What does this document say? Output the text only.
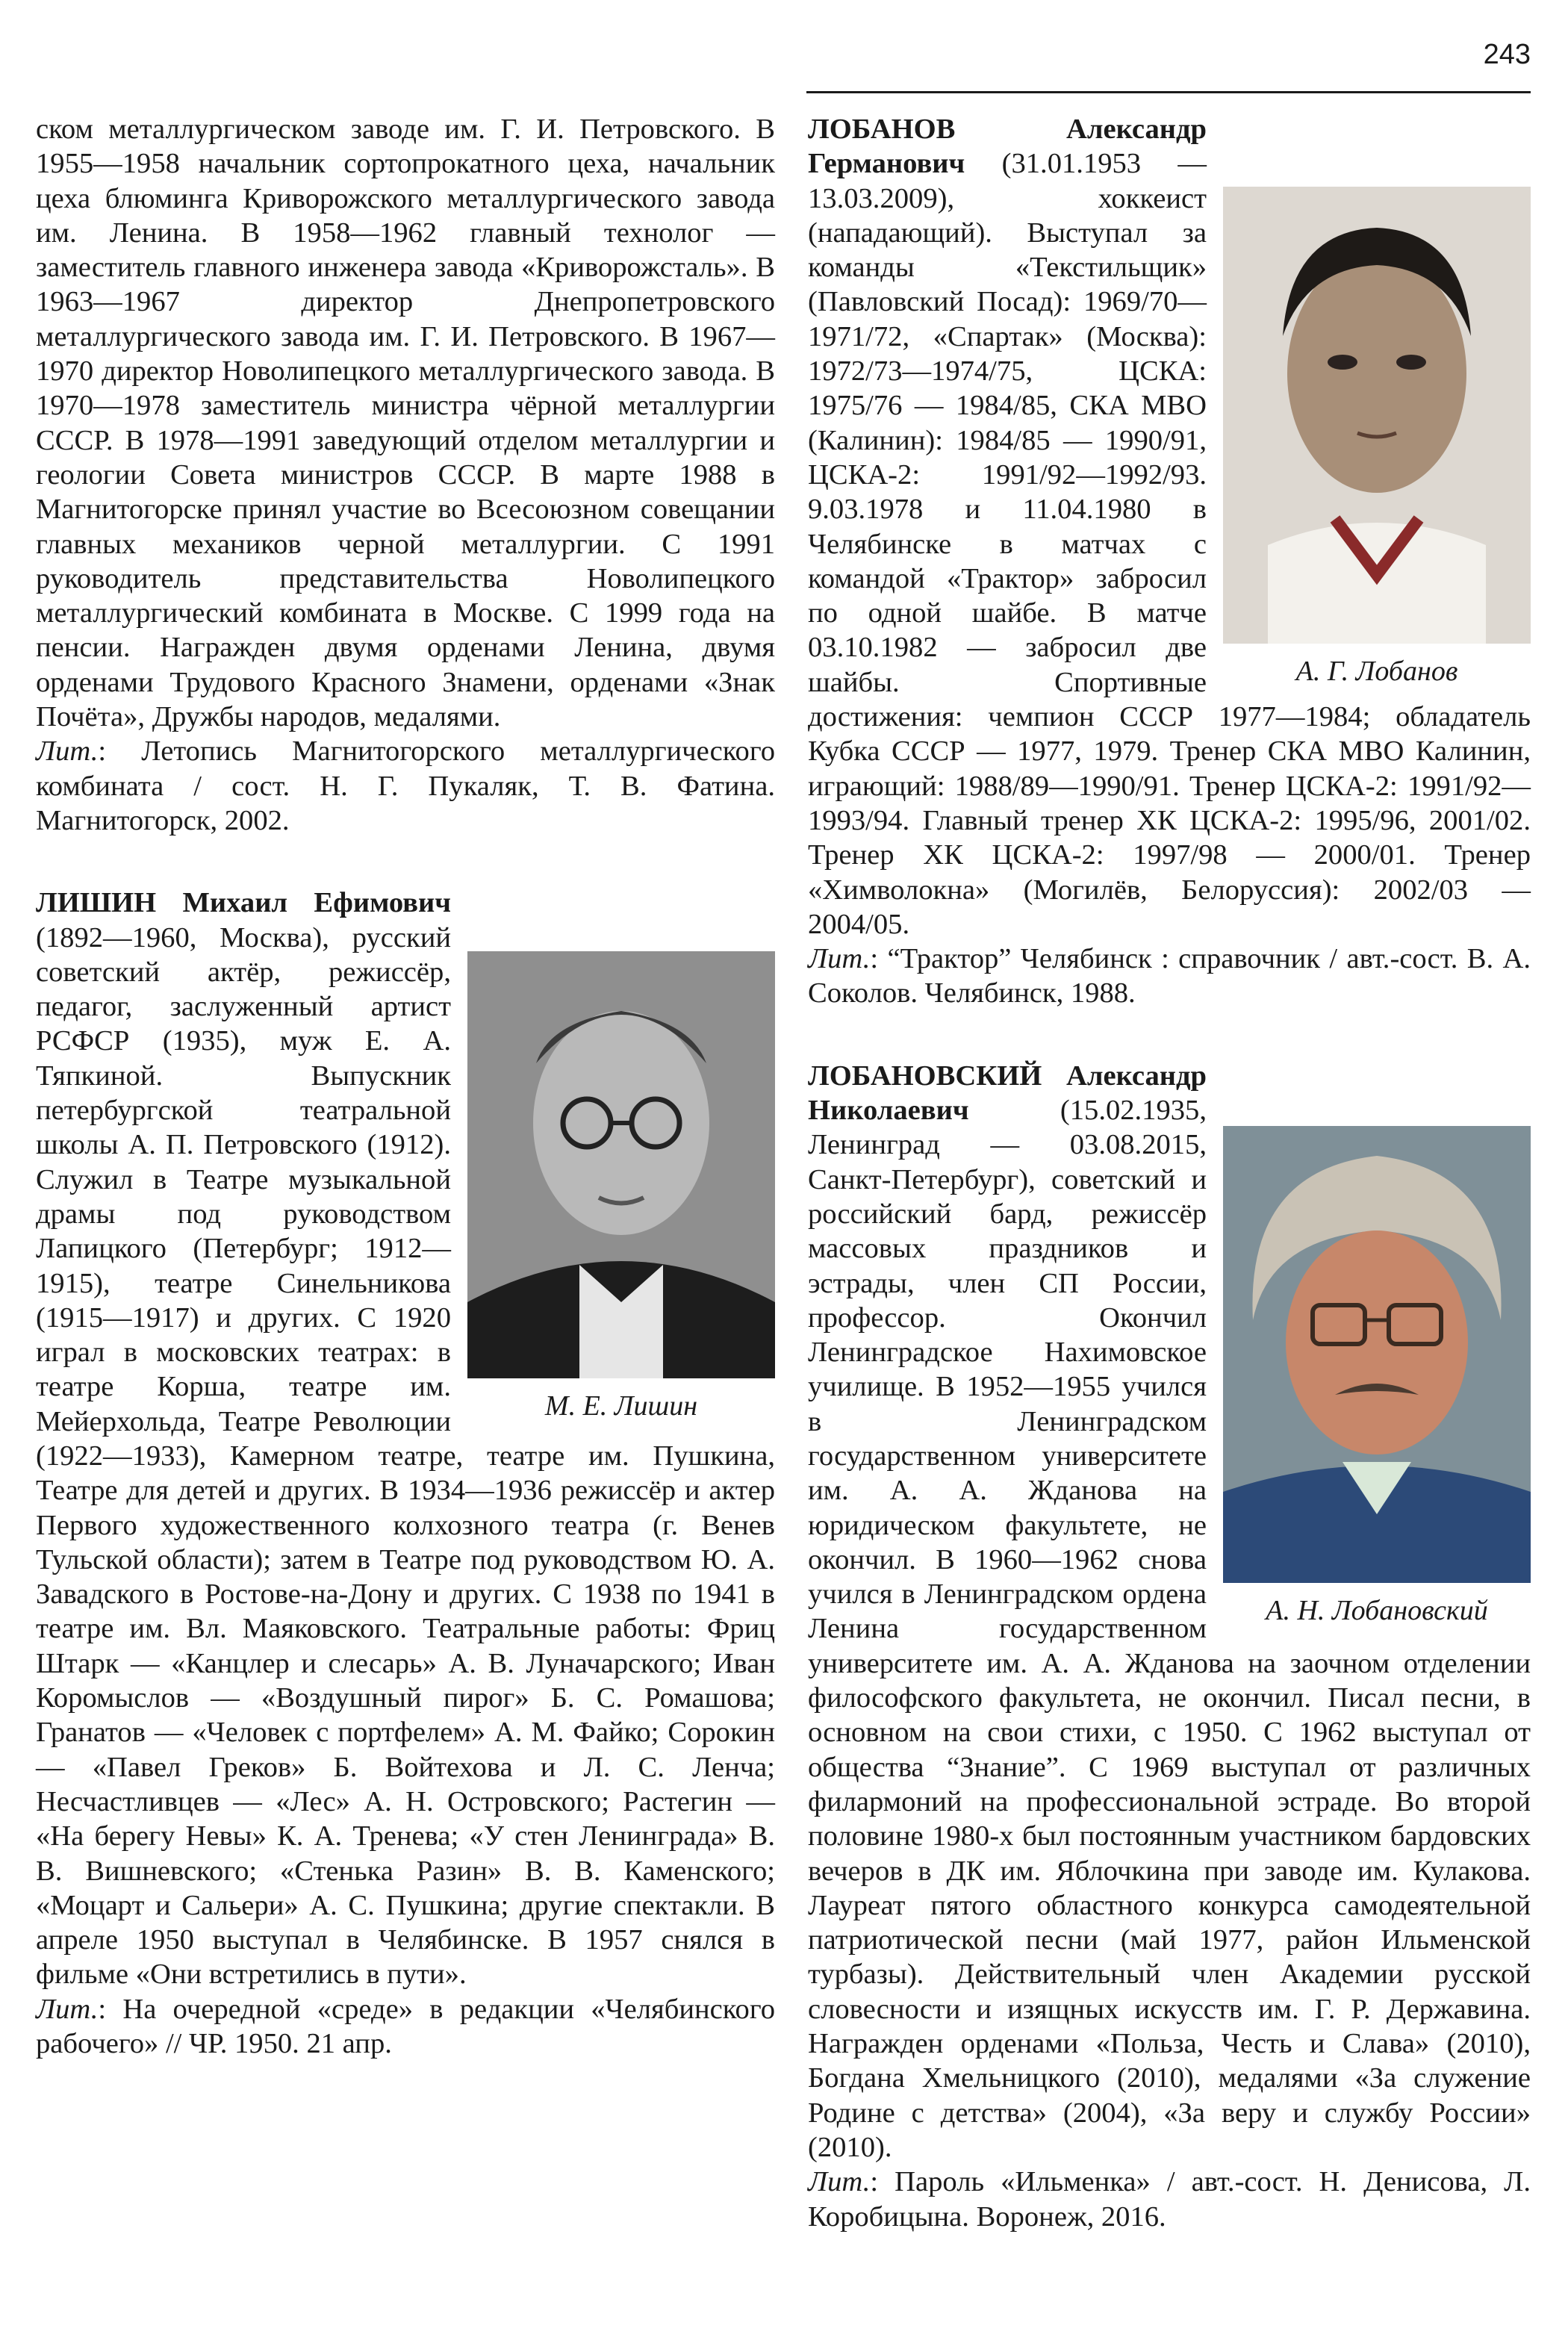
243

ском металлургическом заводе им. Г. И. Петровского. В 1955—1958 начальник сортопрокатного цеха, начальник цеха блюминга Криворожского металлургического завода им. Ленина. В 1958—1962 главный технолог — заместитель главного инженера завода «Криворожсталь». В 1963—1967 директор Днепропетровского металлургического завода им. Г. И. Петровского. В 1967—1970 директор Новолипецкого металлургического завода. В 1970—1978 заместитель министра чёрной металлургии СССР. В 1978—1991 заведующий отделом металлургии и геологии Совета министров СССР. В марте 1988 в Магнитогорске принял участие во Всесоюзном совещании главных механиков черной металлургии. С 1991 руководитель представительства Новолипецкого металлургический комбината в Москве. С 1999 года на пенсии. Награжден двумя орденами Ленина, двумя орденами Трудового Красного Знамени, орденами «Знак Почёта», Дружбы народов, медалями.

Лит.: Летопись Магнитогорского металлургического комбината / сост. Н. Г. Пукаляк, Т. В. Фатина. Магнитогорск, 2002.

М. Е. Лишин
ЛИШИН Михаил Ефимович (1892—1960, Москва), русский советский актёр, режиссёр, педагог, заслуженный артист РСФСР (1935), муж Е. А. Тяпкиной. Выпускник петербургской театральной школы А. П. Петровского (1912). Служил в Театре музыкальной драмы под руководством Лапицкого (Петербург; 1912—1915), театре Синельникова (1915—1917) и других. С 1920 играл в московских театрах: в театре Корша, театре им. Мейерхольда, Театре Революции (1922—1933), Камерном театре, театре им. Пушкина, Театре для детей и других. В 1934—1936 режиссёр и актер Первого художественного колхозного театра (г. Венев Тульской области); затем в Театре под руководством Ю. А. Завадского в Ростове-на-Дону и других. С 1938 по 1941 в театре им. Вл. Маяковского. Театральные работы: Фриц Штарк — «Канцлер и слесарь» А. В. Луначарского; Иван Коромыслов — «Воздушный пирог» Б. С. Ромашова; Гранатов — «Человек с портфелем» А. М. Файко; Сорокин — «Павел Греков» Б. Войтехова и Л. С. Ленча; Несчастливцев — «Лес» А. Н. Островского; Растегин — «На берегу Невы» К. А. Тренева; «У стен Ленинграда» В. В. Вишневского; «Стенька Разин» В. В. Каменского; «Моцарт и Сальери» А. С. Пушкина; другие спектакли. В апреле 1950 выступал в Челябинске. В 1957 снялся в фильме «Они встретились в пути».

Лит.: На очередной «среде» в редакции «Челябинского рабочего» // ЧР. 1950. 21 апр.

А. Г. Лобанов
ЛОБАНОВ Александр Германович (31.01.1953 — 13.03.2009), хоккеист (нападающий). Выступал за команды «Текстильщик» (Павловский Посад): 1969/70—1971/72, «Спартак» (Москва): 1972/73—1974/75, ЦСКА: 1975/76 — 1984/85, СКА МВО (Калинин): 1984/85 — 1990/91, ЦСКА-2: 1991/92—1992/93. 9.03.1978 и 11.04.1980 в Челябинске в матчах с командой «Трактор» забросил по одной шайбе. В матче 03.10.1982 — забросил две шайбы. Спортивные достижения: чемпион СССР 1977—1984; обладатель Кубка СССР — 1977, 1979. Тренер СКА МВО Калинин, играющий: 1988/89—1990/91. Тренер ЦСКА-2: 1991/92—1993/94. Главный тренер ХК ЦСКА-2: 1995/96, 2001/02. Тренер ХК ЦСКА-2: 1997/98 — 2000/01. Тренер «Химволокна» (Могилёв, Белоруссия): 2002/03 — 2004/05.

Лит.: “Трактор” Челябинск : справочник / авт.-сост. В. А. Соколов. Челябинск, 1988.

А. Н. Лобановский
ЛОБАНОВСКИЙ Александр Николаевич (15.02.1935, Ленинград — 03.08.2015, Санкт-Петербург), советский и российский бард, режиссёр массовых праздников и эстрады, член СП России, профессор. Окончил Ленинградское Нахимовское училище. В 1952—1955 учился в Ленинградском государственном университете им. А. А. Жданова на юридическом факультете, не окончил. В 1960—1962 снова учился в Ленинградском ордена Ленина государственном университете им. А. А. Жданова на заочном отделении философского факультета, не окончил. Писал песни, в основном на свои стихи, с 1950. С 1962 выступал от общества “Знание”. С 1969 выступал от различных филармоний на профессиональной эстраде. Во второй половине 1980-х был постоянным участником бардовских вечеров в ДК им. Яблочкина при заводе им. Кулакова. Лауреат пятого областного конкурса самодеятельной патриотической песни (май 1977, район Ильменской турбазы). Действительный член Академии русской словесности и изящных искусств им. Г. Р. Державина. Награжден орденами «Польза, Честь и Слава» (2010), Богдана Хмельницкого (2010), медалями «За служение Родине с детства» (2004), «За веру и службу России» (2010).

Лит.: Пароль «Ильменка» / авт.-сост. Н. Денисова, Л. Коробицына. Воронеж, 2016.
